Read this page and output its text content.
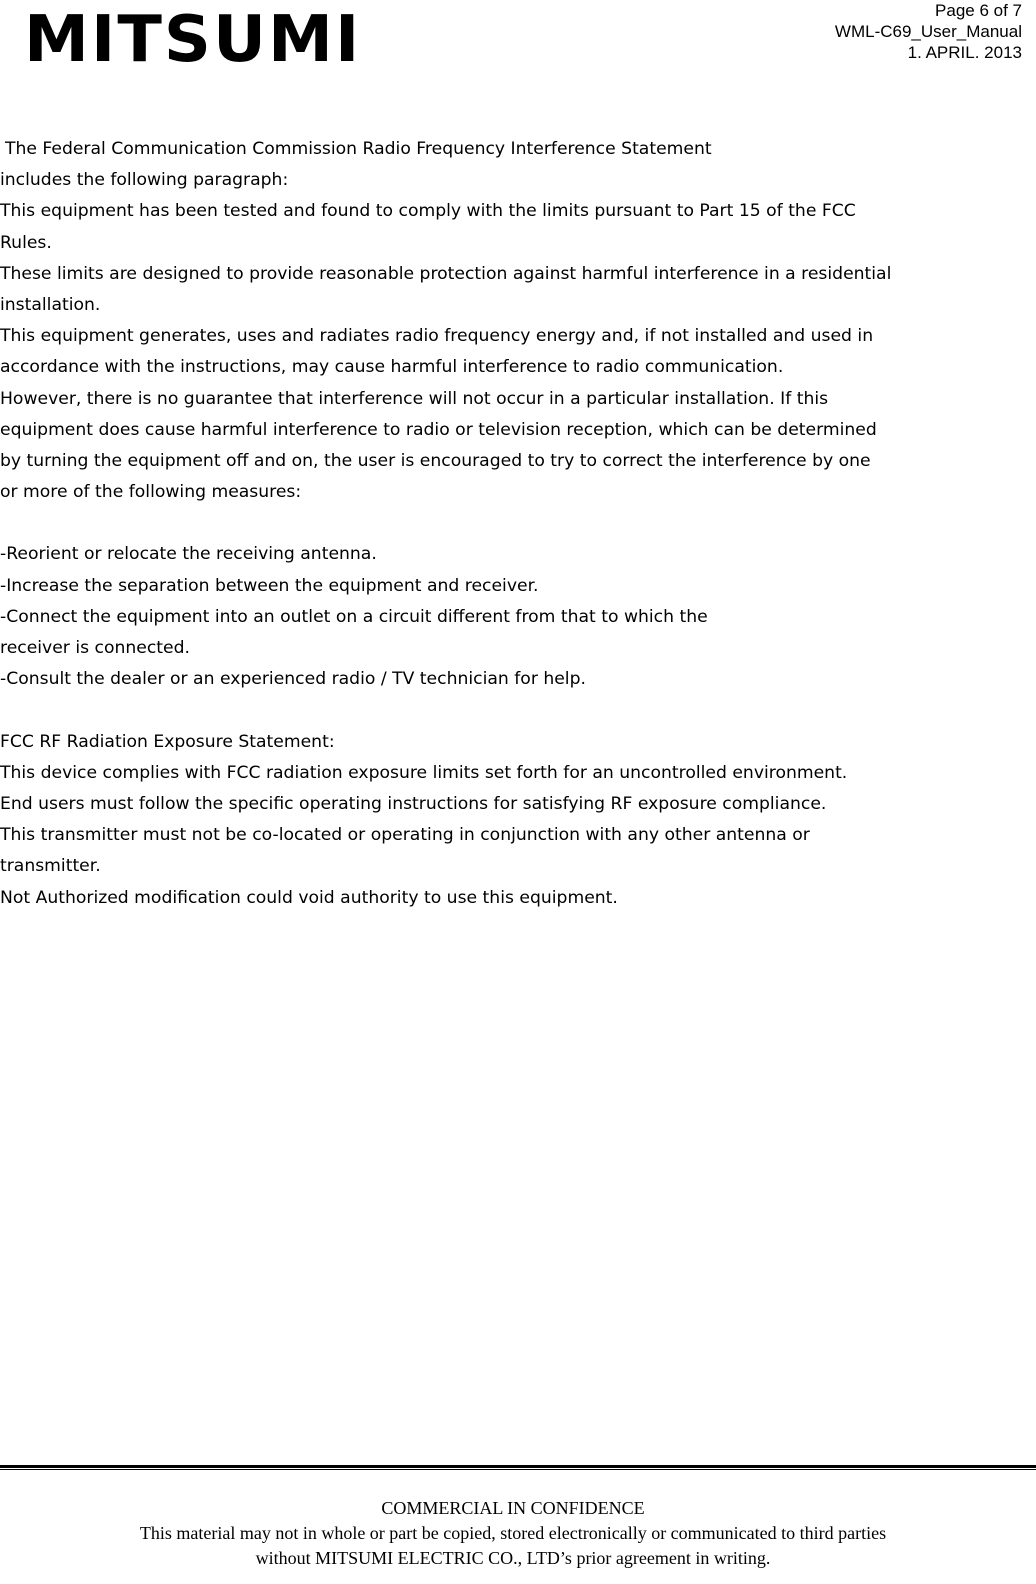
MITSUMI	Page 6 of 7
WML-C69_User_Manual
1. APRIL. 2013
The Federal Communication Commission Radio Frequency Interference Statement
includes the following paragraph:
This equipment has been tested and found to comply with the limits pursuant to Part 15 of the FCC
Rules.
These limits are designed to provide reasonable protection against harmful interference in a residential
installation.
This equipment generates, uses and radiates radio frequency energy and, if not installed and used in
accordance with the instructions, may cause harmful interference to radio communication.
However, there is no guarantee that interference will not occur in a particular installation. If this
equipment does cause harmful interference to radio or television reception, which can be determined
by turning the equipment off and on, the user is encouraged to try to correct the interference by one
or more of the following measures:
-Reorient or relocate the receiving antenna.
-Increase the separation between the equipment and receiver.
-Connect the equipment into an outlet on a circuit different from that to which the
receiver is connected.
-Consult the dealer or an experienced radio / TV technician for help.
FCC RF Radiation Exposure Statement:
This device complies with FCC radiation exposure limits set forth for an uncontrolled environment.
End users must follow the specific operating instructions for satisfying RF exposure compliance.
This transmitter must not be co-located or operating in conjunction with any other antenna or
transmitter.
Not Authorized modification could void authority to use this equipment.
COMMERCIAL IN CONFIDENCE
This material may not in whole or part be copied, stored electronically or communicated to third parties
without MITSUMI ELECTRIC CO., LTD’s prior agreement in writing.
